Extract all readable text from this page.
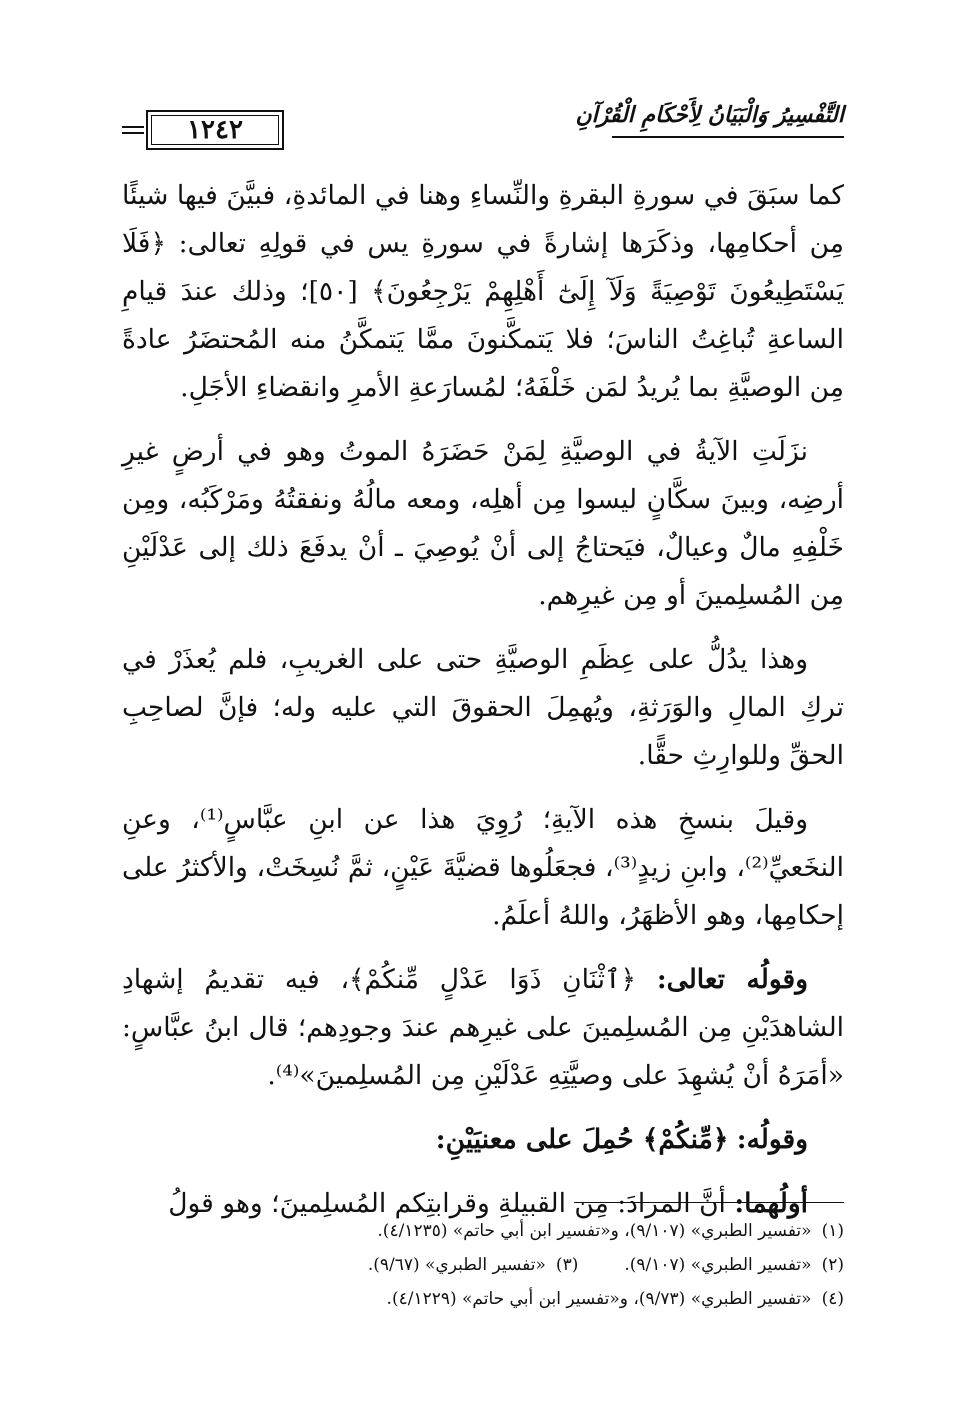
التَّفْسِيرُ وَالْبَيَانُ لِأَحْكَامِ الْقُرْآنِ
١٢٤٢

كما سبَقَ في سورةِ البقرةِ والنِّساءِ وهنا في المائدةِ، فبيَّنَ فيها شيئًا مِن أحكامِها، وذكَرَها إشارةً في سورةِ يس في قولِهِ تعالى: ﴿فَلَا يَسْتَطِيعُونَ تَوْصِيَةً وَلَآ إِلَىٰٓ أَهْلِهِمْ يَرْجِعُونَ﴾ [٥٠]؛ وذلك عندَ قيامِ الساعةِ تُباغِتُ الناسَ؛ فلا يَتمكَّنونَ ممَّا يَتمكَّنُ منه المُحتضَرُ عادةً مِن الوصيَّةِ بما يُريدُ لمَن خَلْفَهُ؛ لمُسارَعةِ الأمرِ وانقضاءِ الأجَلِ.

نزَلَتِ الآيةُ في الوصيَّةِ لِمَنْ حَضَرَهُ الموتُ وهو في أرضٍ غيرِ أرضِه، وبينَ سكَّانٍ ليسوا مِن أهلِه، ومعه مالُهُ ونفقتُهُ ومَرْكَبُه، ومِن خَلْفِهِ مالٌ وعيالٌ، فيَحتاجُ إلى أنْ يُوصِيَ ـ أنْ يدفَعَ ذلك إلى عَدْلَيْنِ مِن المُسلِمينَ أو مِن غيرِهم.

وهذا يدُلُّ على عِظَمِ الوصيَّةِ حتى على الغريبِ، فلم يُعذَرْ في تركِ المالِ والوَرَثةِ، ويُهمِلَ الحقوقَ التي عليه وله؛ فإنَّ لصاحِبِ الحقِّ وللوارِثِ حقًّا.

وقيلَ بنسخِ هذه الآيةِ؛ رُوِيَ هذا عن ابنِ عبَّاسٍ⁽¹⁾، وعنِ النخَعيِّ⁽²⁾، وابنِ زيدٍ⁽³⁾، فجعَلُوها قضيَّةَ عَيْنٍ، ثمَّ نُسِخَتْ، والأكثرُ على إحكامِها، وهو الأظهَرُ، واللهُ أعلَمُ.

وقولُه تعالى: ﴿ٱثْنَانِ ذَوَا عَدْلٍ مِّنكُمْ﴾، فيه تقديمُ إشهادِ الشاهدَيْنِ مِن المُسلِمينَ على غيرِهم عندَ وجودِهم؛ قال ابنُ عبَّاسٍ: «أمَرَهُ أنْ يُشهِدَ على وصيَّتِهِ عَدْلَيْنِ مِن المُسلِمينَ»⁽⁴⁾.

وقولُه: ﴿مِّنكُمْ﴾ حُمِلَ على معنيَيْنِ:

أولُهما: أنَّ المرادَ: مِن القبيلةِ وقرابتِكم المُسلِمينَ؛ وهو قولُ

(١)«تفسير الطبري» (٩/١٠٧)، و«تفسير ابن أبي حاتم» (٤/١٢٣٥).
(٢)«تفسير الطبري» (٩/١٠٧).
(٣)«تفسير الطبري» (٩/٦٧).
(٤)«تفسير الطبري» (٩/٧٣)، و«تفسير ابن أبي حاتم» (٤/١٢٢٩).
